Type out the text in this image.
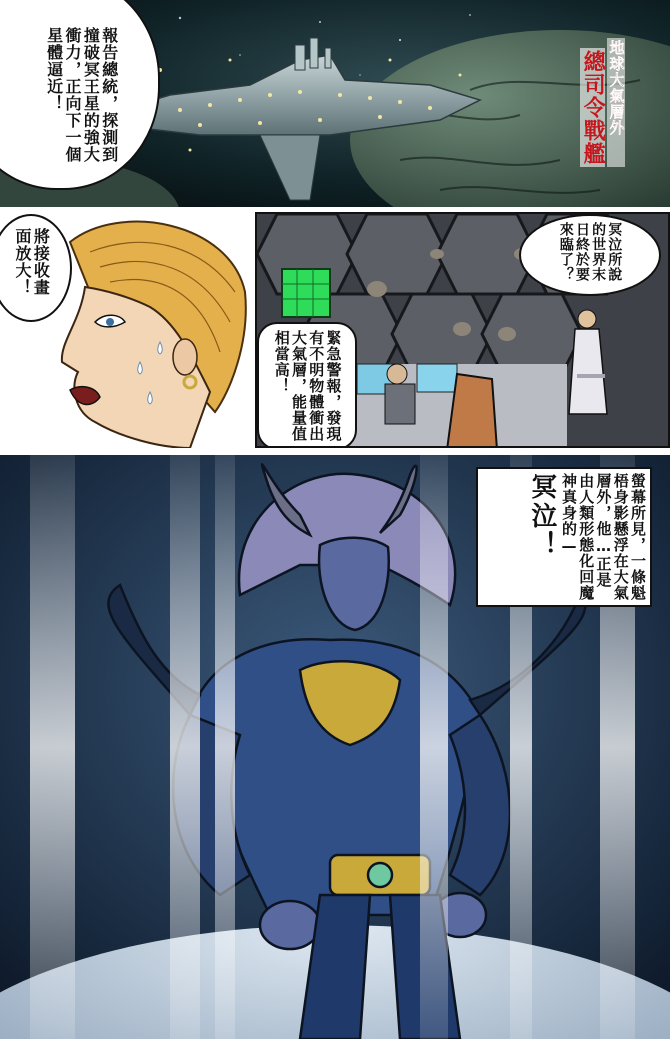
報告總統，探測到撞破冥王星的強大衝力，正向下一個星體逼近！	地球大氣層外
總司令戰艦
將接收畫面放大！
緊急警報，發現有不明物體衝出大氣層，能量值相當高！
冥泣所說的世界末日終於要來臨了？
螢幕所見，一條魁梧身影懸浮在大氣層外，他…正是由人類形態化回魔神真身的—
冥泣！
